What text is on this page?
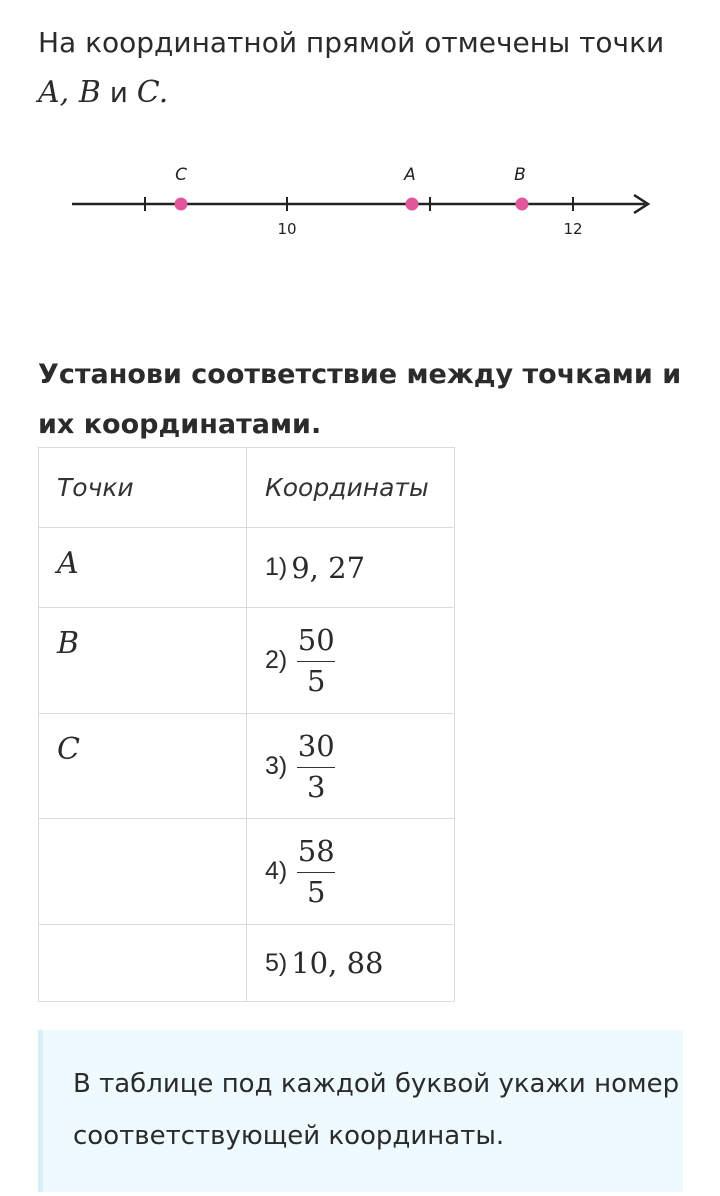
На координатной прямой отмечены точки
A, B и C.
C	A	B
10	12
Установи соответствие между точками и их координатами.
Точки	Координаты
A	1) 9, 27

B	$2) \frac{50}{5}$

C	$3) \frac{30}{3}$

	$4) \frac{58}{5}$

	5) 10, 88
В таблице под каждой буквой укажи номер соответствующей координаты.
